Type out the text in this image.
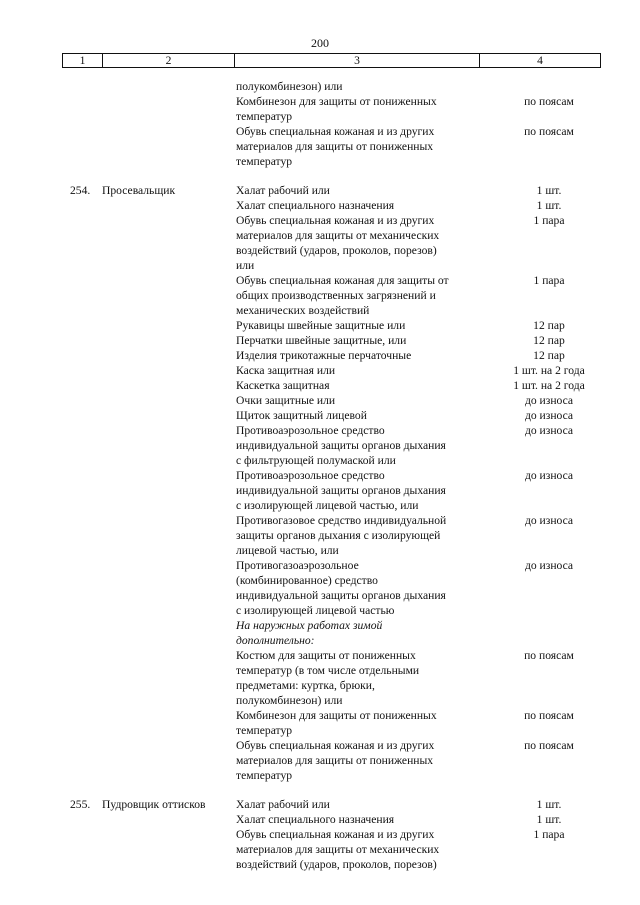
200
1	2	3	4
полукомбинезон) или
Комбинезон для защиты от пониженных	по поясам
температур
Обувь специальная кожаная и из других	по поясам
материалов для защиты от пониженных
температур
254.	Просевальщик	Халат рабочий или	1 шт.
Халат специального назначения	1 шт.
Обувь специальная кожаная и из других	1 пара
материалов для защиты от механических
воздействий (ударов, проколов, порезов)
или
Обувь специальная кожаная для защиты от	1 пара
общих производственных загрязнений и
механических воздействий
Рукавицы швейные защитные или	12 пар
Перчатки швейные защитные, или	12 пар
Изделия трикотажные перчаточные	12 пар
Каска защитная или	1 шт. на 2 года
Каскетка защитная	1 шт. на 2 года
Очки защитные или	до износа
Щиток защитный лицевой	до износа
Противоаэрозольное средство	до износа
индивидуальной защиты органов дыхания
с фильтрующей полумаской или
Противоаэрозольное средство	до износа
индивидуальной защиты органов дыхания
с изолирующей лицевой частью, или
Противогазовое средство индивидуальной	до износа
защиты органов дыхания с изолирующей
лицевой частью, или
Противогазоаэрозольное	до износа
(комбинированное) средство
индивидуальной защиты органов дыхания
с изолирующей лицевой частью
На наружных работах зимой
дополнительно:
Костюм для защиты от пониженных	по поясам
температур (в том числе отдельными
предметами: куртка, брюки,
полукомбинезон) или
Комбинезон для защиты от пониженных	по поясам
температур
Обувь специальная кожаная и из других	по поясам
материалов для защиты от пониженных
температур
255.	Пудровщик оттисков	Халат рабочий или	1 шт.
Халат специального назначения	1 шт.
Обувь специальная кожаная и из других	1 пара
материалов для защиты от механических
воздействий (ударов, проколов, порезов)
